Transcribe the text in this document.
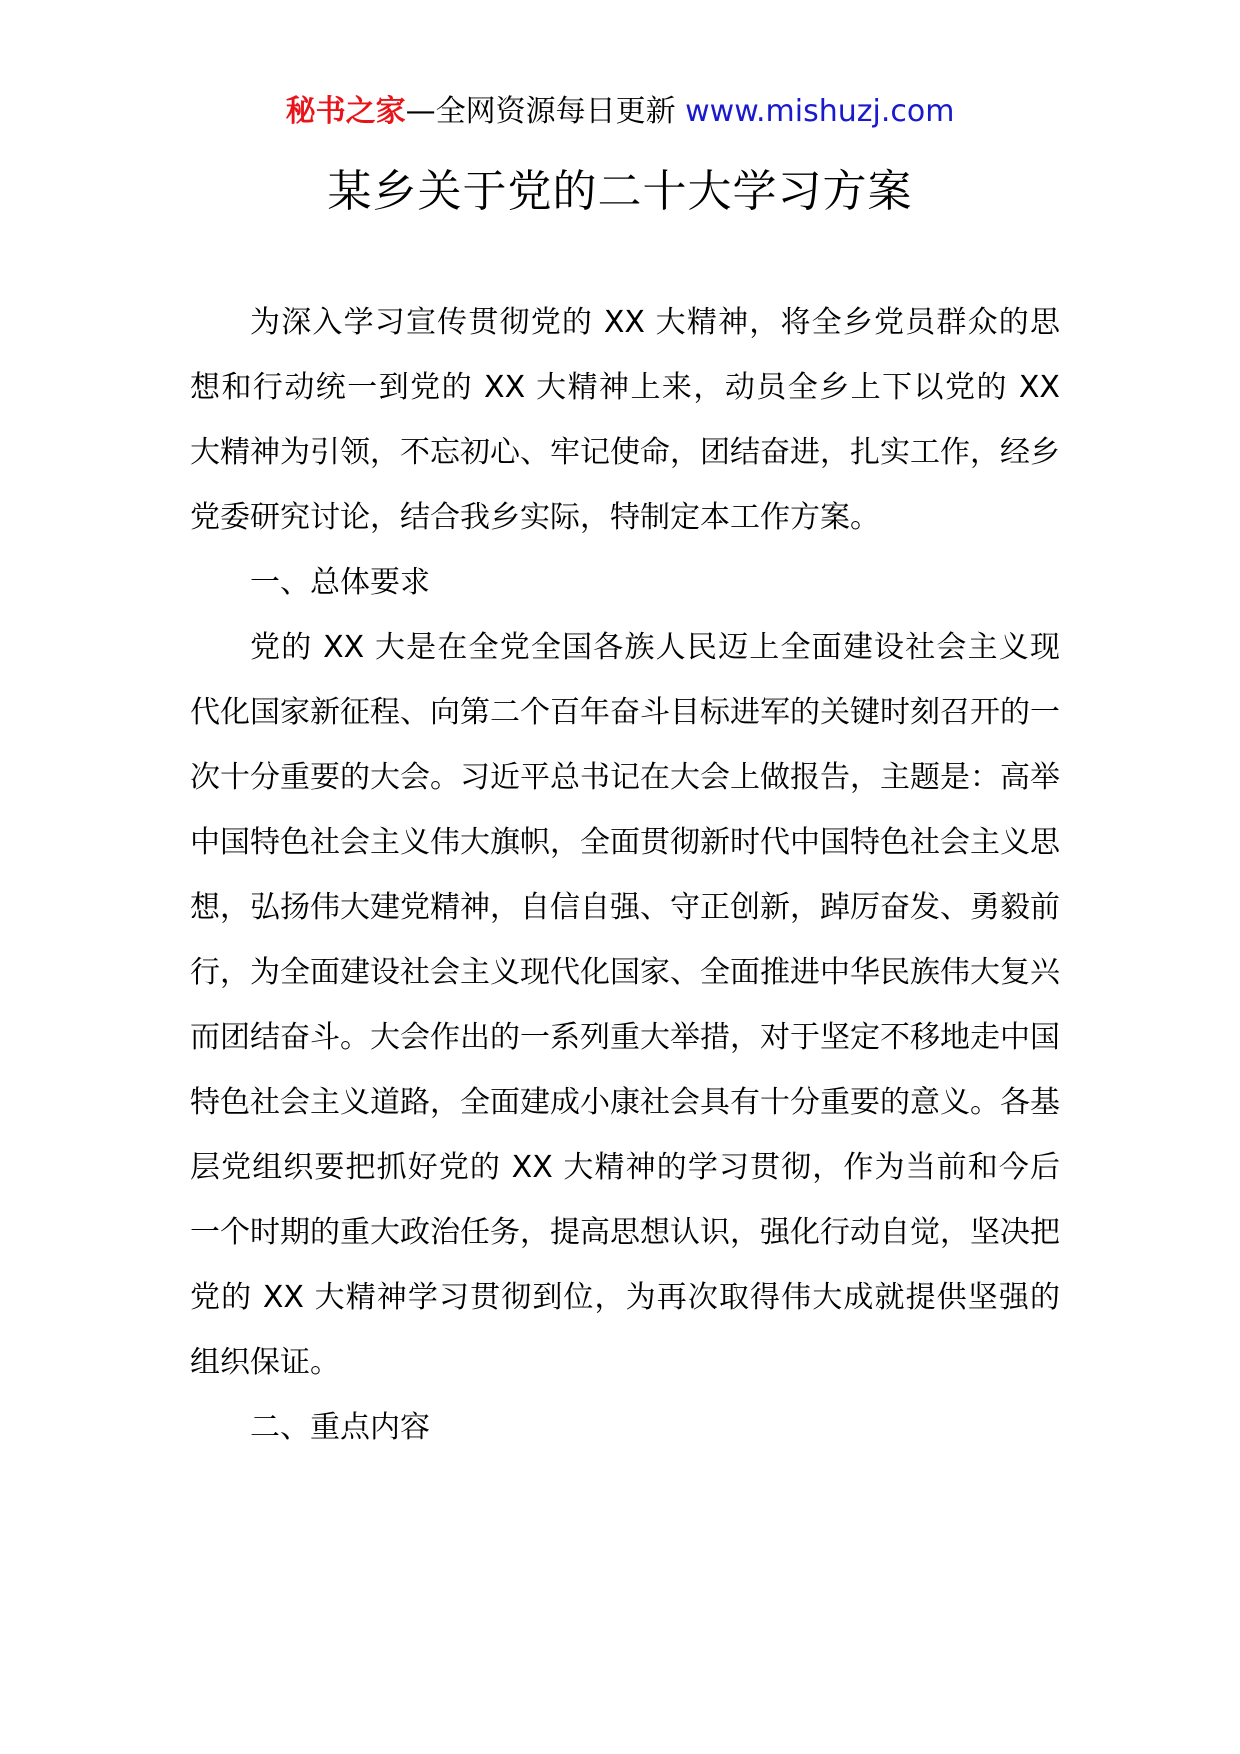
秘书之家—全网资源每日更新 www.mishuzj.com
某乡关于党的二十大学习方案

为深入学习宣传贯彻党的 XX 大精神，将全乡党员群众的思想和行动统一到党的 XX 大精神上来，动员全乡上下以党的 XX 大精神为引领，不忘初心、牢记使命，团结奋进，扎实工作，经乡党委研究讨论，结合我乡实际，特制定本工作方案。

一、总体要求

党的 XX 大是在全党全国各族人民迈上全面建设社会主义现代化国家新征程、向第二个百年奋斗目标进军的关键时刻召开的一次十分重要的大会。习近平总书记在大会上做报告，主题是：高举中国特色社会主义伟大旗帜，全面贯彻新时代中国特色社会主义思想，弘扬伟大建党精神，自信自强、守正创新，踔厉奋发、勇毅前行，为全面建设社会主义现代化国家、全面推进中华民族伟大复兴而团结奋斗。大会作出的一系列重大举措，对于坚定不移地走中国特色社会主义道路，全面建成小康社会具有十分重要的意义。各基层党组织要把抓好党的 XX 大精神的学习贯彻，作为当前和今后一个时期的重大政治任务，提高思想认识，强化行动自觉，坚决把党的 XX 大精神学习贯彻到位，为再次取得伟大成就提供坚强的组织保证。

二、重点内容
